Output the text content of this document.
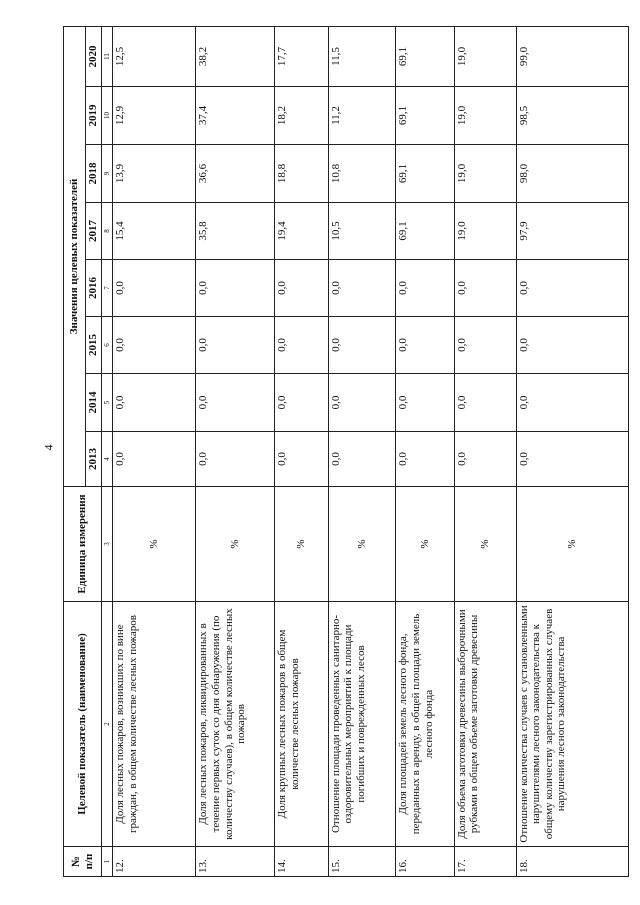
4
№ п/п	Целевой показатель (наименование)	Единица измерения	Значения целевых показателей							
			2013	2014	2015	2016	2017	2018	2019	2020
1	2	3	4	5	6	7	8	9	10	11
12.	Доля лесных пожаров, возникших по вине граждан, в общем количестве лесных пожаров	%	0,0	0,0	0,0	0,0	15,4	13,9	12,9	12,5
13.	Доля лесных пожаров, ликвидированных в течение первых суток со дня обнаружения (по количеству случаев), в общем количестве лесных пожаров	%	0,0	0,0	0,0	0,0	35,8	36,6	37,4	38,2
14.	Доля крупных лесных пожаров в общем количестве лесных пожаров	%	0,0	0,0	0,0	0,0	19,4	18,8	18,2	17,7
15.	Отношение площади проведенных санитарно-оздоровительных мероприятий к площади погибших и поврежденных лесов	%	0,0	0,0	0,0	0,0	10,5	10,8	11,2	11,5
16.	Доля площадей земель лесного фонда, переданных в аренду, в общей площади земель лесного фонда	%	0,0	0,0	0,0	0,0	69,1	69,1	69,1	69,1
17.	Доля объема заготовки древесины выборочными рубками в общем объеме заготовки древесины	%	0,0	0,0	0,0	0,0	19,0	19,0	19,0	19,0
18.	Отношение количества случаев с установленными нарушителями лесного законодательства к общему количеству зарегистрированных случаев нарушения лесного законодательства	%	0,0	0,0	0,0	0,0	97,9	98,0	98,5	99,0
